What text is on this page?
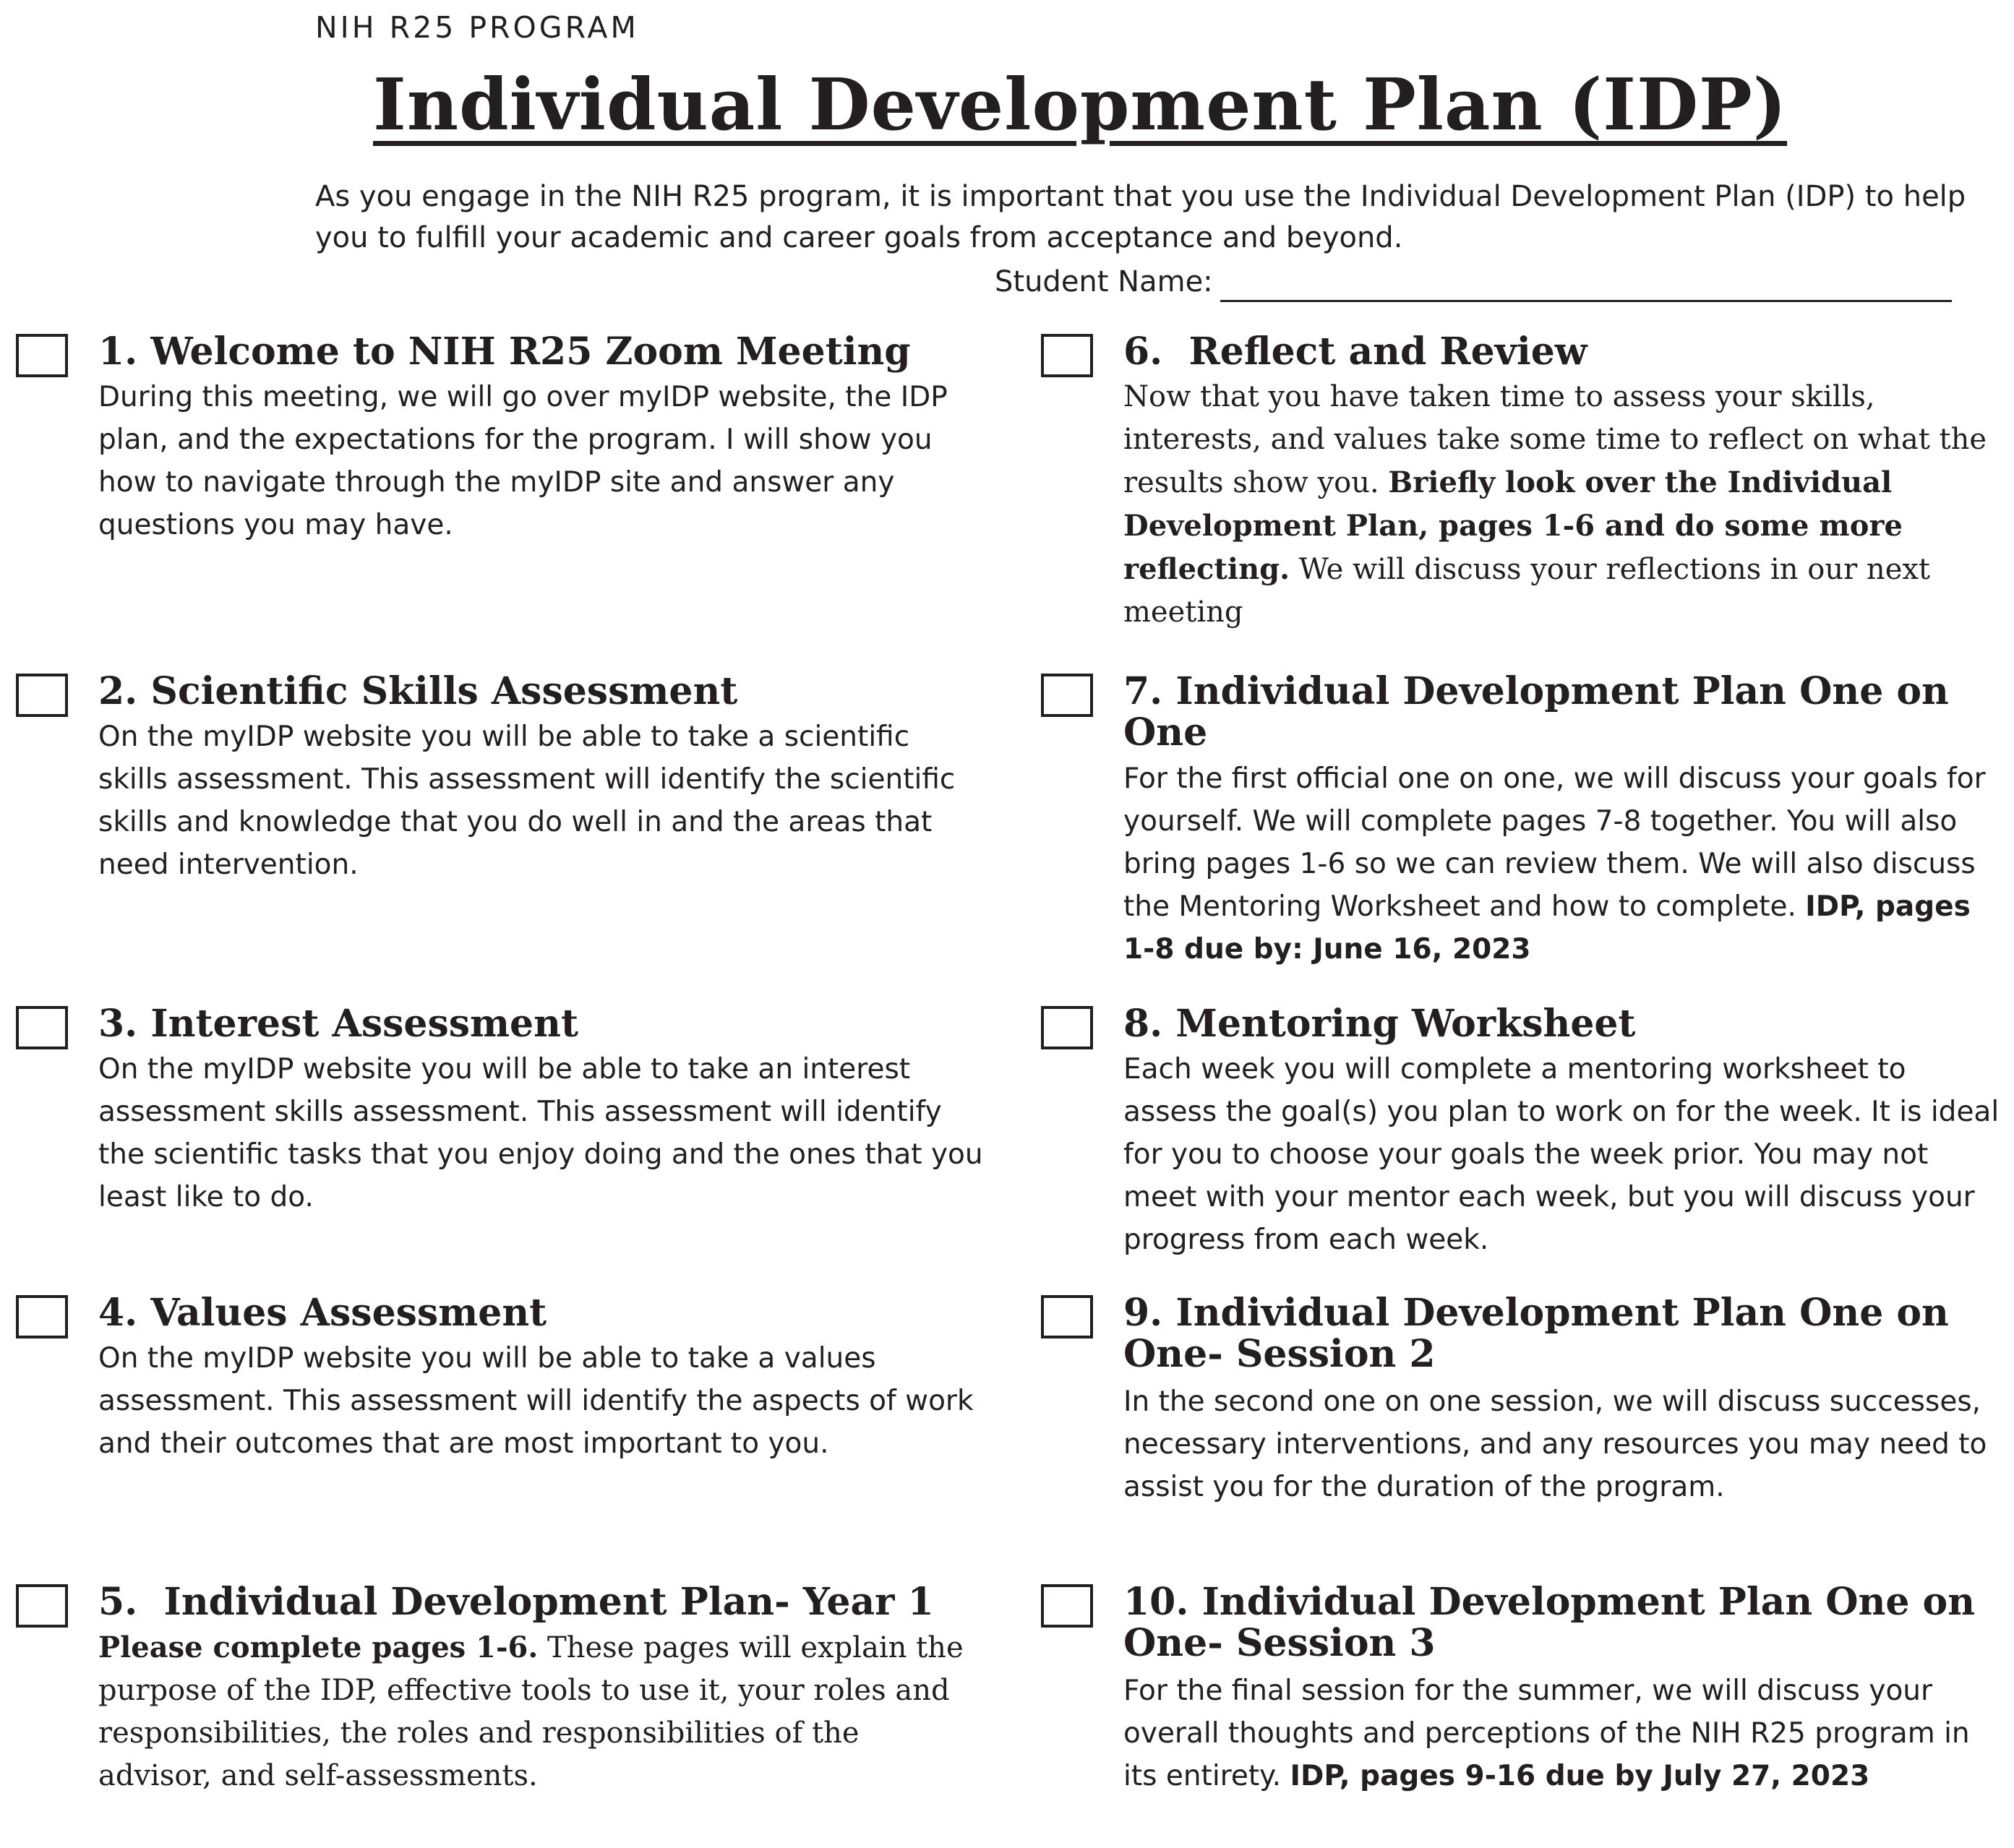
NIH R25 PROGRAM
Individual Development Plan (IDP)

As you engage in the NIH R25 program, it is important that you use the Individual Development Plan (IDP) to help you to fulfill your academic and career goals from acceptance and beyond.

Student Name:
1. Welcome to NIH R25 Zoom Meeting

During this meeting, we will go over myIDP website, the IDP plan, and the expectations for the program. I will show you how to navigate through the myIDP site and answer any questions you may have.

2. Scientific Skills Assessment

On the myIDP website you will be able to take a scientific skills assessment. This assessment will identify the scientific skills and knowledge that you do well in and the areas that need intervention.

3. Interest Assessment

On the myIDP website you will be able to take an interest assessment skills assessment. This assessment will identify the scientific tasks that you enjoy doing and the ones that you least like to do.

4. Values Assessment

On the myIDP website you will be able to take a values assessment. This assessment will identify the aspects of work and their outcomes that are most important to you.

5.  Individual Development Plan- Year 1

Please complete pages 1-6. These pages will explain the purpose of the IDP, effective tools to use it, your roles and responsibilities, the roles and responsibilities of the advisor, and self-assessments.

6.  Reflect and Review

Now that you have taken time to assess your skills, interests, and values take some time to reflect on what the results show you. Briefly look over the Individual Development Plan, pages 1-6 and do some more reflecting. We will discuss your reflections in our next meeting

7. Individual Development Plan One on One

For the first official one on one, we will discuss your goals for yourself. We will complete pages 7-8 together. You will also bring pages 1-6 so we can review them. We will also discuss the Mentoring Worksheet and how to complete. IDP, pages 1-8 due by: June 16, 2023

8. Mentoring Worksheet

Each week you will complete a mentoring worksheet to assess the goal(s) you plan to work on for the week. It is ideal for you to choose your goals the week prior. You may not meet with your mentor each week, but you will discuss your progress from each week.

9. Individual Development Plan One on One- Session 2

In the second one on one session, we will discuss successes, necessary interventions, and any resources you may need to assist you for the duration of the program.

10. Individual Development Plan One on One- Session 3

For the final session for the summer, we will discuss your overall thoughts and perceptions of the NIH R25 program in its entirety. IDP, pages 9-16 due by July 27, 2023
